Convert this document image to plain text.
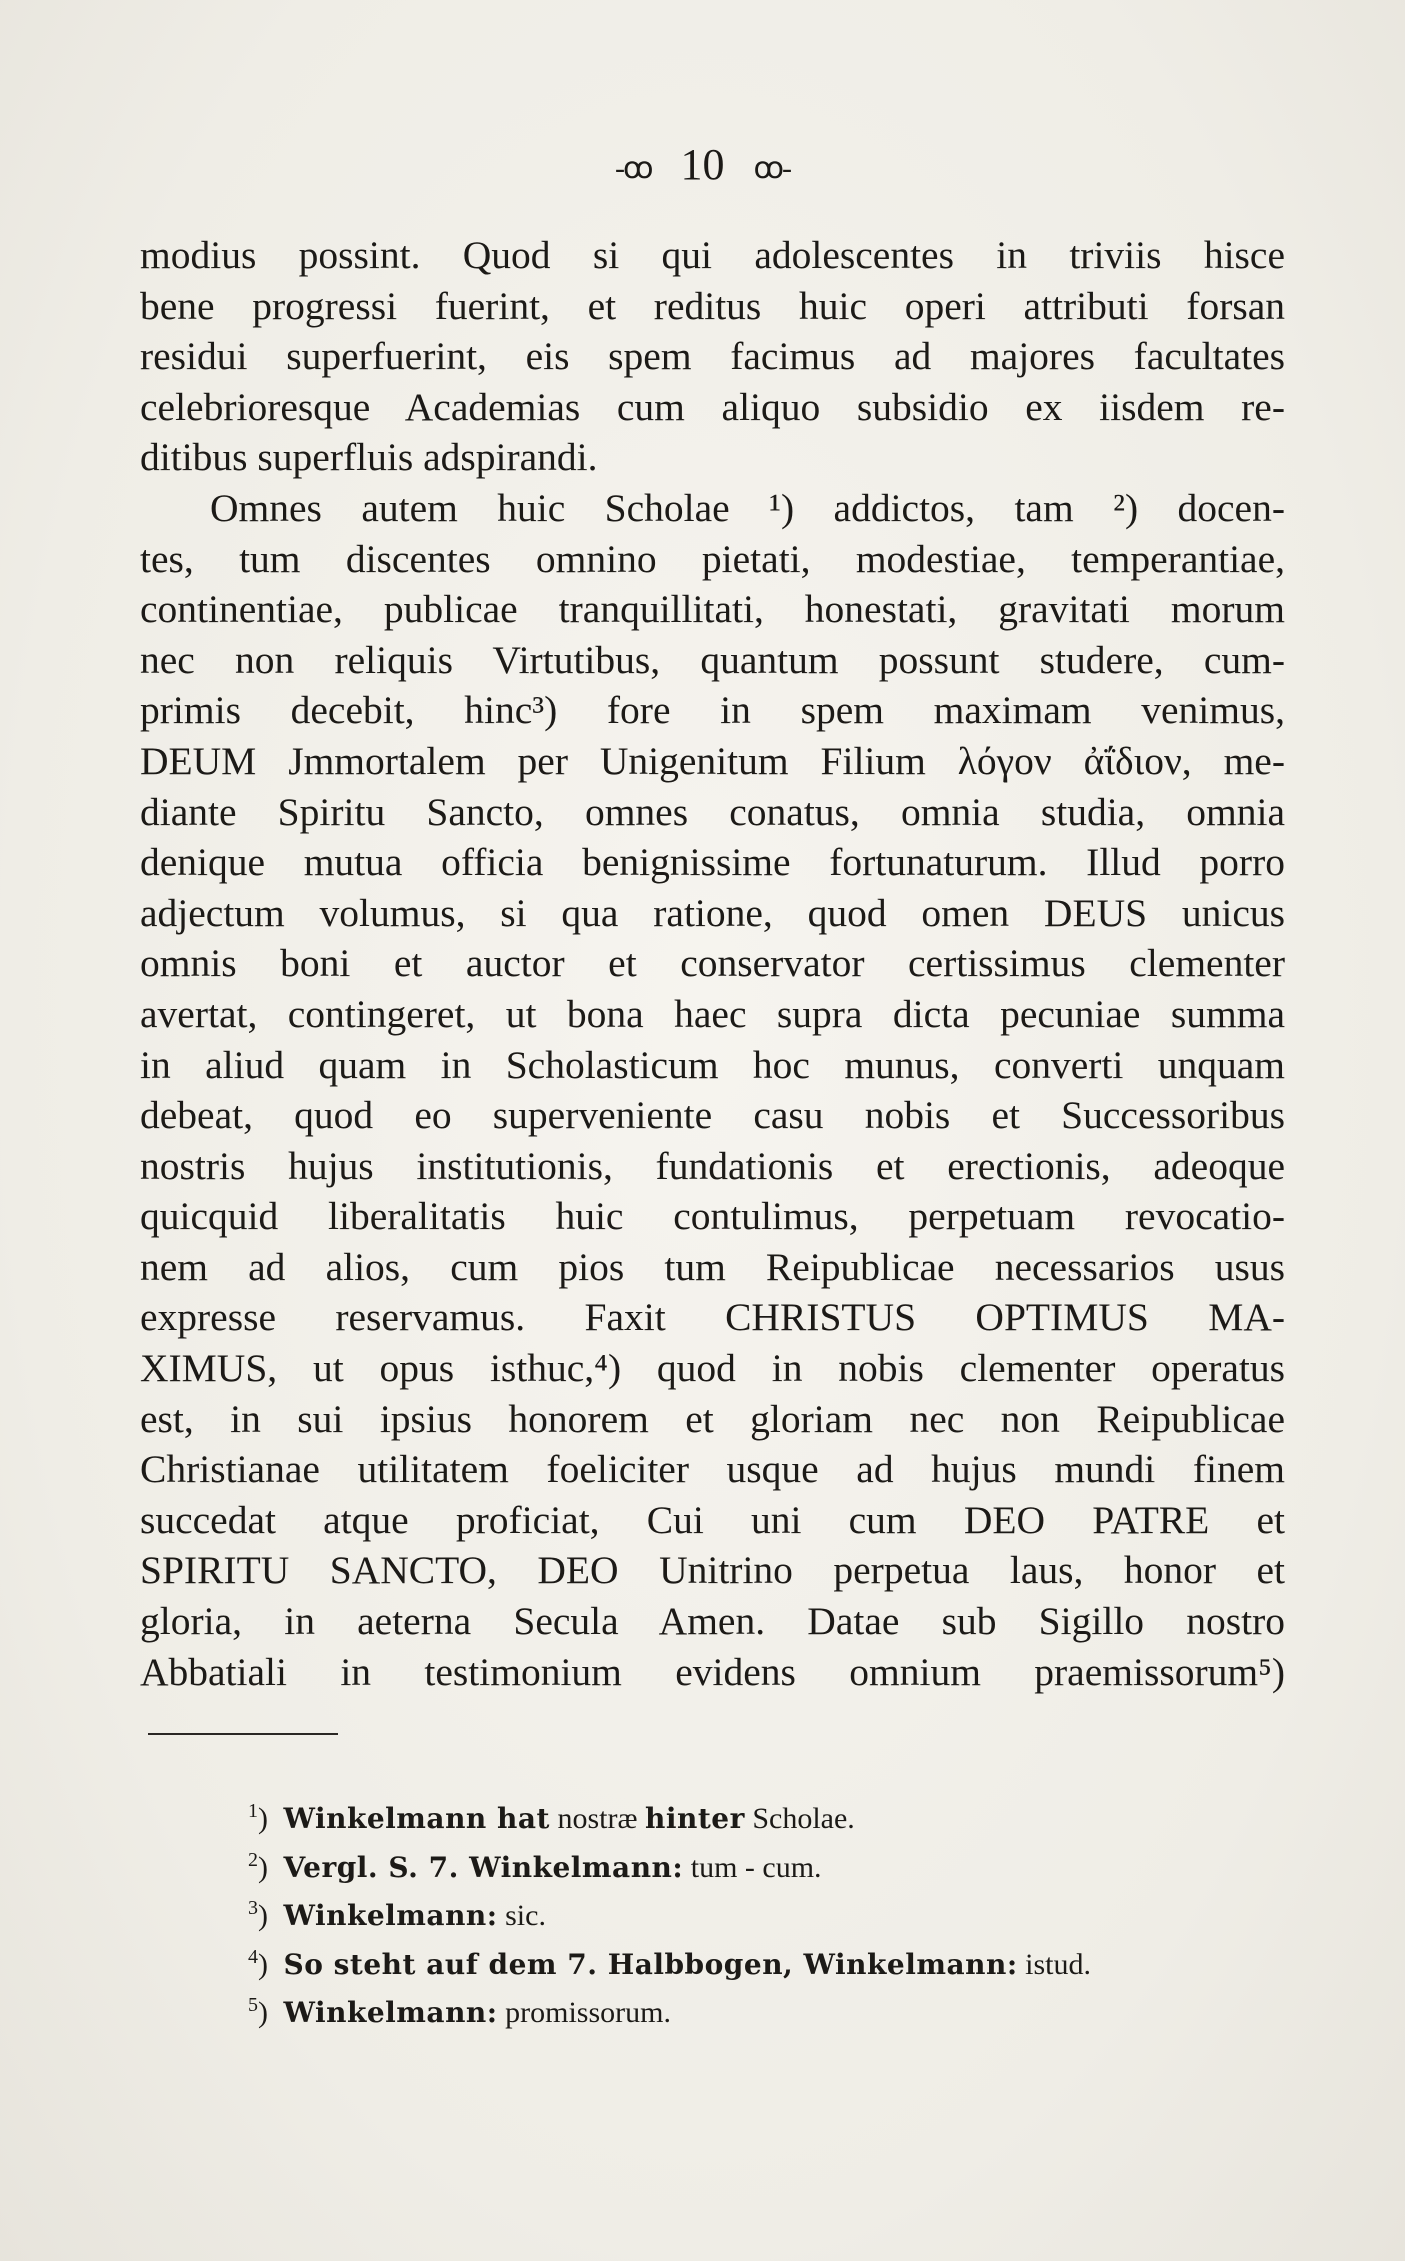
-ꝏ 10 ꝏ-
modius possint. Quod si qui adolescentes in triviis hisce
bene progressi fuerint, et reditus huic operi attributi forsan
residui superfuerint, eis spem facimus ad majores facultates
celebrioresque Academias cum aliquo subsidio ex iisdem re-
ditibus superfluis adspirandi.
Omnes autem huic Scholae ¹) addictos, tam ²) docen-
tes, tum discentes omnino pietati, modestiae, temperantiae,
continentiae, publicae tranquillitati, honestati, gravitati morum
nec non reliquis Virtutibus, quantum possunt studere, cum-
primis decebit, hinc³) fore in spem maximam venimus,
DEUM Jmmortalem per Unigenitum Filium λόγον ἀΐδιον, me-
diante Spiritu Sancto, omnes conatus, omnia studia, omnia
denique mutua officia benignissime fortunaturum. Illud porro
adjectum volumus, si qua ratione, quod omen DEUS unicus
omnis boni et auctor et conservator certissimus clementer
avertat, contingeret, ut bona haec supra dicta pecuniae summa
in aliud quam in Scholasticum hoc munus, converti unquam
debeat, quod eo superveniente casu nobis et Successoribus
nostris hujus institutionis, fundationis et erectionis, adeoque
quicquid liberalitatis huic contulimus, perpetuam revocatio-
nem ad alios, cum pios tum Reipublicae necessarios usus
expresse reservamus. Faxit CHRISTUS OPTIMUS MA-
XIMUS, ut opus isthuc,⁴) quod in nobis clementer operatus
est, in sui ipsius honorem et gloriam nec non Reipublicae
Christianae utilitatem foeliciter usque ad hujus mundi finem
succedat atque proficiat, Cui uni cum DEO PATRE et
SPIRITU SANCTO, DEO Unitrino perpetua laus, honor et
gloria, in aeterna Secula Amen. Datae sub Sigillo nostro
Abbatiali in testimonium evidens omnium praemissorum⁵)
$^1$) Winkelmann hat nostræ hinter Scholae.
$^2$) Vergl. S. 7. Winkelmann: tum - cum.
$^3$) Winkelmann: sic.
$^4$) So steht auf dem 7. Halbbogen, Winkelmann: istud.
$^5$) Winkelmann: promissorum.
